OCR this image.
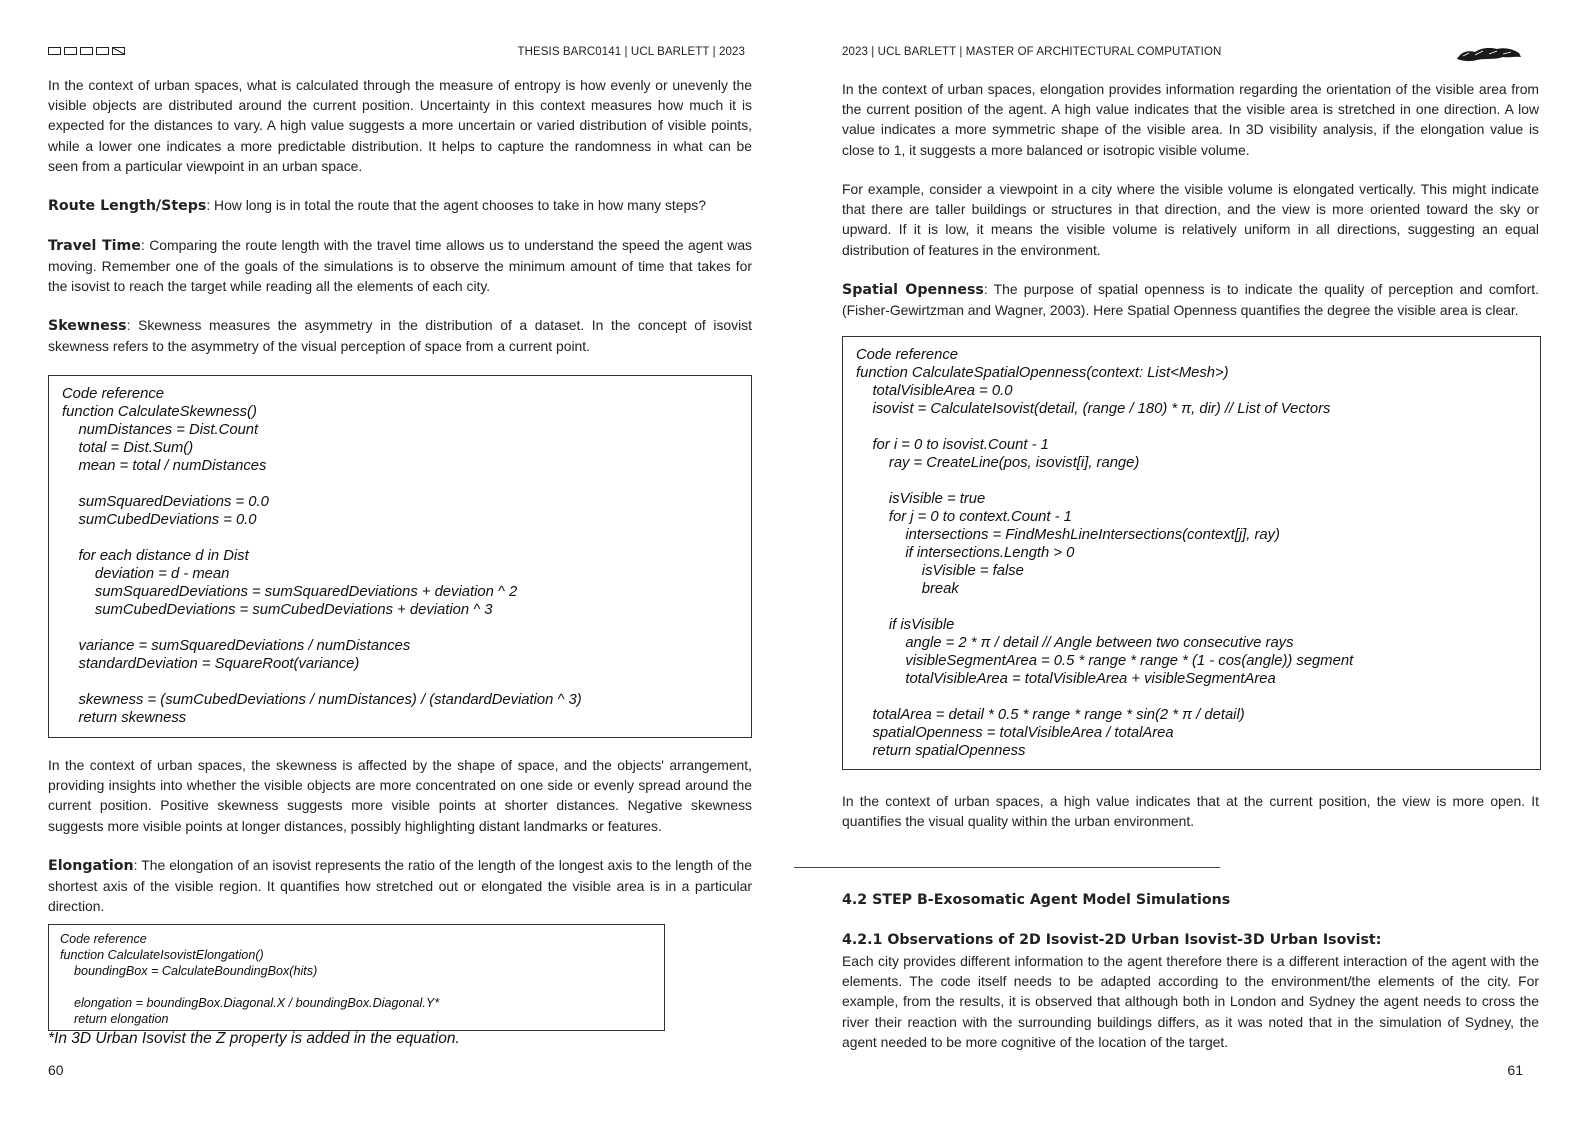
THESIS BARC0141 | UCL BARLETT | 2023

In the context of urban spaces, what is calculated through the measure of entropy is how evenly or unevenly the visible objects are distributed around the current position. Uncertainty in this context measures how much it is expected for the distances to vary. A high value suggests a more uncertain or varied distribution of visible points, while a lower one indicates a more predictable distribution. It helps to capture the randomness in what can be seen from a particular viewpoint in an urban space.

Route Length/Steps: How long is in total the route that the agent chooses to take in how many steps?

Travel Time: Comparing the route length with the travel time allows us to understand the speed the agent was moving. Remember one of the goals of the simulations is to observe the minimum amount of time that takes for the isovist to reach the target while reading all the elements of each city.

Skewness: Skewness measures the asymmetry in the distribution of a dataset. In the concept of isovist skewness refers to the asymmetry of the visual perception of space from a current point.

Code reference
function CalculateSkewness()
numDistances = Dist.Count
total = Dist.Sum()
mean = total / numDistances

sumSquaredDeviations = 0.0
sumCubedDeviations = 0.0

for each distance d in Dist
deviation = d - mean
sumSquaredDeviations = sumSquaredDeviations + deviation ^ 2
sumCubedDeviations = sumCubedDeviations + deviation ^ 3

variance = sumSquaredDeviations / numDistances
standardDeviation = SquareRoot(variance)

skewness = (sumCubedDeviations / numDistances) / (standardDeviation ^ 3)
return skewness

In the context of urban spaces, the skewness is affected by the shape of space, and the objects' arrangement, providing insights into whether the visible objects are more concentrated on one side or evenly spread around the current position. Positive skewness suggests more visible points at shorter distances. Negative skewness suggests more visible points at longer distances, possibly highlighting distant landmarks or features.

Elongation: The elongation of an isovist represents the ratio of the length of the longest axis to the length of the shortest axis of the visible region. It quantifies how stretched out or elongated the visible area is in a particular direction.

Code reference
function CalculateIsovistElongation()
boundingBox = CalculateBoundingBox(hits)

elongation = boundingBox.Diagonal.X / boundingBox.Diagonal.Y*
return elongation
*In 3D Urban Isovist the Z property is added in the equation.
60
2023 | UCL BARLETT | MASTER OF ARCHITECTURAL COMPUTATION

In the context of urban spaces, elongation provides information regarding the orientation of the visible area from the current position of the agent. A high value indicates that the visible area is stretched in one direction. A low value indicates a more symmetric shape of the visible area. In 3D visibility analysis, if the elongation value is close to 1, it suggests a more balanced or isotropic visible volume.

For example, consider a viewpoint in a city where the visible volume is elongated vertically. This might indicate that there are taller buildings or structures in that direction, and the view is more oriented toward the sky or upward. If it is low, it means the visible volume is relatively uniform in all directions, suggesting an equal distribution of features in the environment.

Spatial Openness: The purpose of spatial openness is to indicate the quality of perception and comfort. (Fisher-Gewirtzman and Wagner, 2003). Here Spatial Openness quantifies the degree the visible area is clear.

Code reference
function CalculateSpatialOpenness(context: List<Mesh>)
totalVisibleArea = 0.0
isovist = CalculateIsovist(detail, (range / 180) * π, dir) // List of Vectors

for i = 0 to isovist.Count - 1
ray = CreateLine(pos, isovist[i], range)

isVisible = true
for j = 0 to context.Count - 1
intersections = FindMeshLineIntersections(context[j], ray)
if intersections.Length > 0
isVisible = false
break

if isVisible
angle = 2 * π / detail // Angle between two consecutive rays
visibleSegmentArea = 0.5 * range * range * (1 - cos(angle)) segment
totalVisibleArea = totalVisibleArea + visibleSegmentArea

totalArea = detail * 0.5 * range * range * sin(2 * π / detail)
spatialOpenness = totalVisibleArea / totalArea
return spatialOpenness

In the context of urban spaces, a high value indicates that at the current position, the view is more open. It quantifies the visual quality within the urban environment.

4.2 STEP B-Exosomatic Agent Model Simulations
4.2.1 Observations of 2D Isovist-2D Urban Isovist-3D Urban Isovist:

Each city provides different information to the agent therefore there is a different interaction of the agent with the elements. The code itself needs to be adapted according to the environment/the elements of the city. For example, from the results, it is observed that although both in London and Sydney the agent needs to cross the river their reaction with the surrounding buildings differs, as it was noted that in the simulation of Sydney, the agent needed to be more cognitive of the location of the target.

61
